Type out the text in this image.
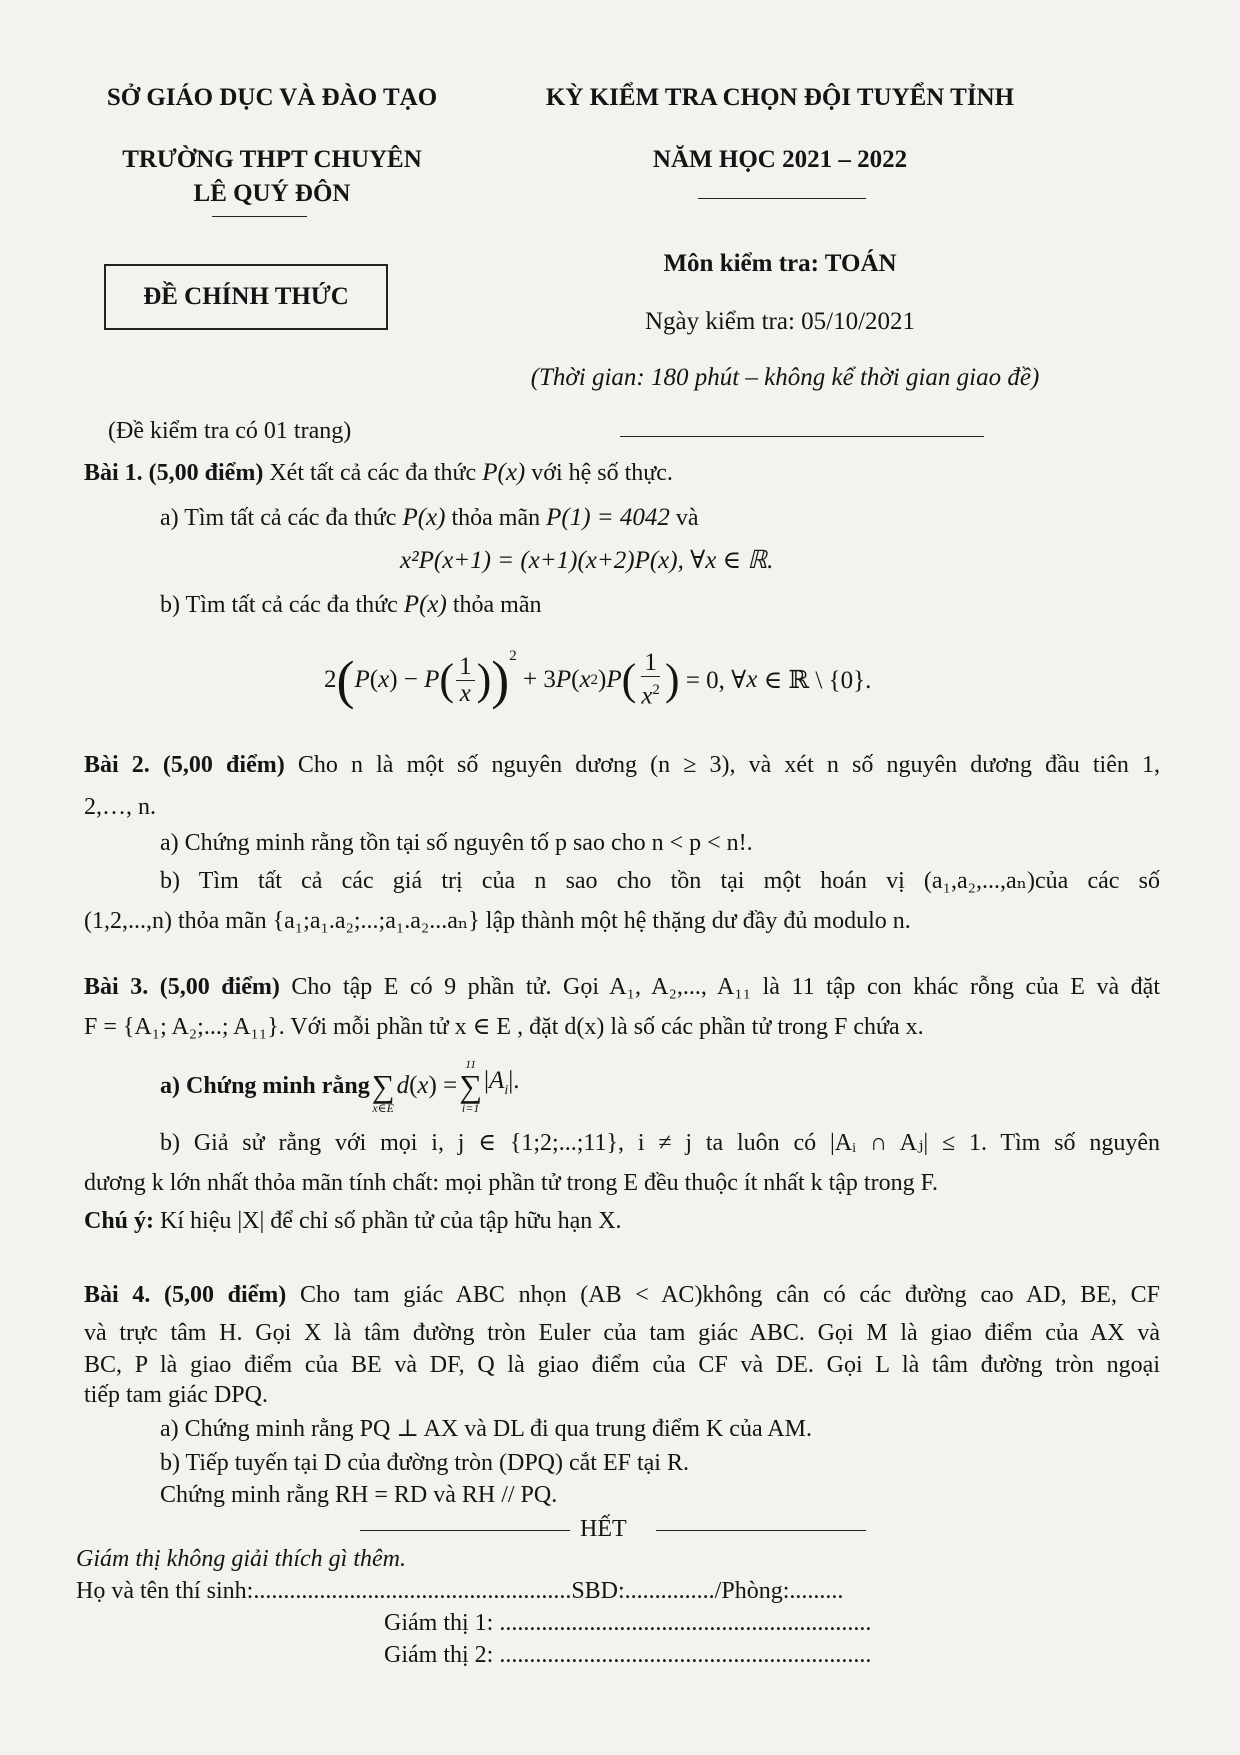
SỞ GIÁO DỤC VÀ ĐÀO TẠO
TRƯỜNG THPT CHUYÊN
LÊ QUÝ ĐÔN
KỲ KIỂM TRA CHỌN ĐỘI TUYỂN TỈNH
NĂM HỌC 2021 – 2022
ĐỀ CHÍNH THỨC
Môn kiểm tra: TOÁN
Ngày kiểm tra: 05/10/2021
(Thời gian: 180 phút – không kể thời gian giao đề)
(Đề kiểm tra có 01 trang)
Bài 1. (5,00 điểm) Xét tất cả các đa thức P(x) với hệ số thực.
a) Tìm tất cả các đa thức P(x) thỏa mãn P(1) = 4042 và
x²P(x+1) = (x+1)(x+2)P(x), ∀x ∈ ℝ.
b) Tìm tất cả các đa thức P(x) thỏa mãn
2 ( P ( x ) − P ( $\frac{1}{x}$ ) )$^2$
+ 3 P ( x 2 ) P ( $\frac{1}{x^2}$ ) = 0, ∀ x ∈ ℝ \ {0}.
Bài 2. (5,00 điểm) Cho n là một số nguyên dương (n ≥ 3), và xét n số nguyên dương đầu tiên 1,
2,…, n.
a) Chứng minh rằng tồn tại số nguyên tố p sao cho n < p < n!.
b) Tìm tất cả các giá trị của n sao cho tồn tại một hoán vị (a₁,a₂,...,aₙ)của các số
(1,2,...,n) thỏa mãn {a₁;a₁.a₂;...;a₁.a₂...aₙ} lập thành một hệ thặng dư đầy đủ modulo n.
Bài 3. (5,00 điểm) Cho tập E có 9 phần tử. Gọi A₁, A₂,..., A₁₁ là 11 tập con khác rỗng của E và đặt
F = {A₁; A₂;...; A₁₁}. Với mỗi phần tử x ∈ E , đặt d(x) là số các phần tử trong F chứa x.
a) Chứng minh rằng
∑
x∈E
d(x) =
11
∑
i=1
$|A_i|$.
b) Giả sử rằng với mọi i, j ∈ {1;2;...;11}, i ≠ j ta luôn có |Aᵢ ∩ Aⱼ| ≤ 1. Tìm số nguyên
dương k lớn nhất thỏa mãn tính chất: mọi phần tử trong E đều thuộc ít nhất k tập trong F.
Chú ý: Kí hiệu |X| để chỉ số phần tử của tập hữu hạn X.
Bài 4. (5,00 điểm) Cho tam giác ABC nhọn (AB < AC)không cân có các đường cao AD, BE, CF
và trực tâm H. Gọi X là tâm đường tròn Euler của tam giác ABC. Gọi M là giao điểm của AX và
BC, P là giao điểm của BE và DF, Q là giao điểm của CF và DE. Gọi L là tâm đường tròn ngoại
tiếp tam giác DPQ.
a) Chứng minh rằng PQ ⊥ AX và DL đi qua trung điểm K của AM.
b) Tiếp tuyến tại D của đường tròn (DPQ) cắt EF tại R.
Chứng minh rằng RH = RD và RH // PQ.
HẾT
Giám thị không giải thích gì thêm.
Họ và tên thí sinh:.....................................................SBD:.............../Phòng:.........
Giám thị 1: ..............................................................
Giám thị 2: ..............................................................
